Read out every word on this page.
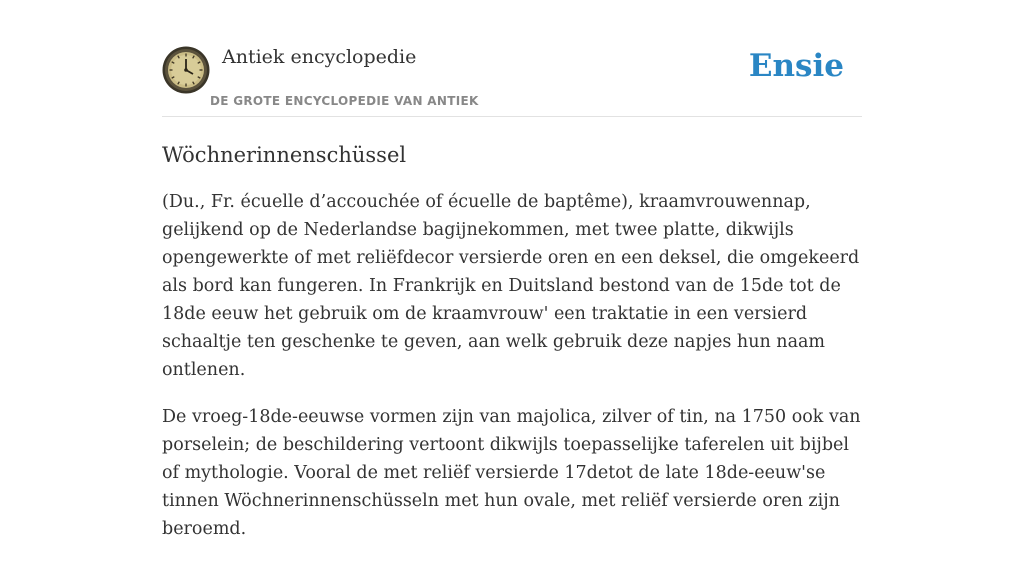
Antiek encyclopedie
DE GROTE ENCYCLOPEDIE VAN ANTIEK
Ensie
Wöchnerinnenschüssel

(Du., Fr. écuelle d’accouchée of écuelle de baptême), kraamvrouwennap, gelijkend op de Nederlandse bagijnekommen, met twee platte, dikwijls opengewerkte of met reliëfdecor versierde oren en een deksel, die omgekeerd als bord kan fungeren. In Frankrijk en Duitsland bestond van de 15de tot de 18de eeuw het gebruik om de kraamvrouw' een traktatie in een versierd schaaltje ten geschenke te geven, aan welk gebruik deze napjes hun naam ontlenen.

De vroeg-18de-eeuwse vormen zijn van majolica, zilver of tin, na 1750 ook van porselein; de beschildering vertoont dikwijls toepasselijke taferelen uit bijbel of mythologie. Vooral de met reliëf versierde 17detot de late 18de-eeuw'se tinnen Wöchnerinnenschüsseln met hun ovale, met reliëf versierde oren zijn beroemd.
